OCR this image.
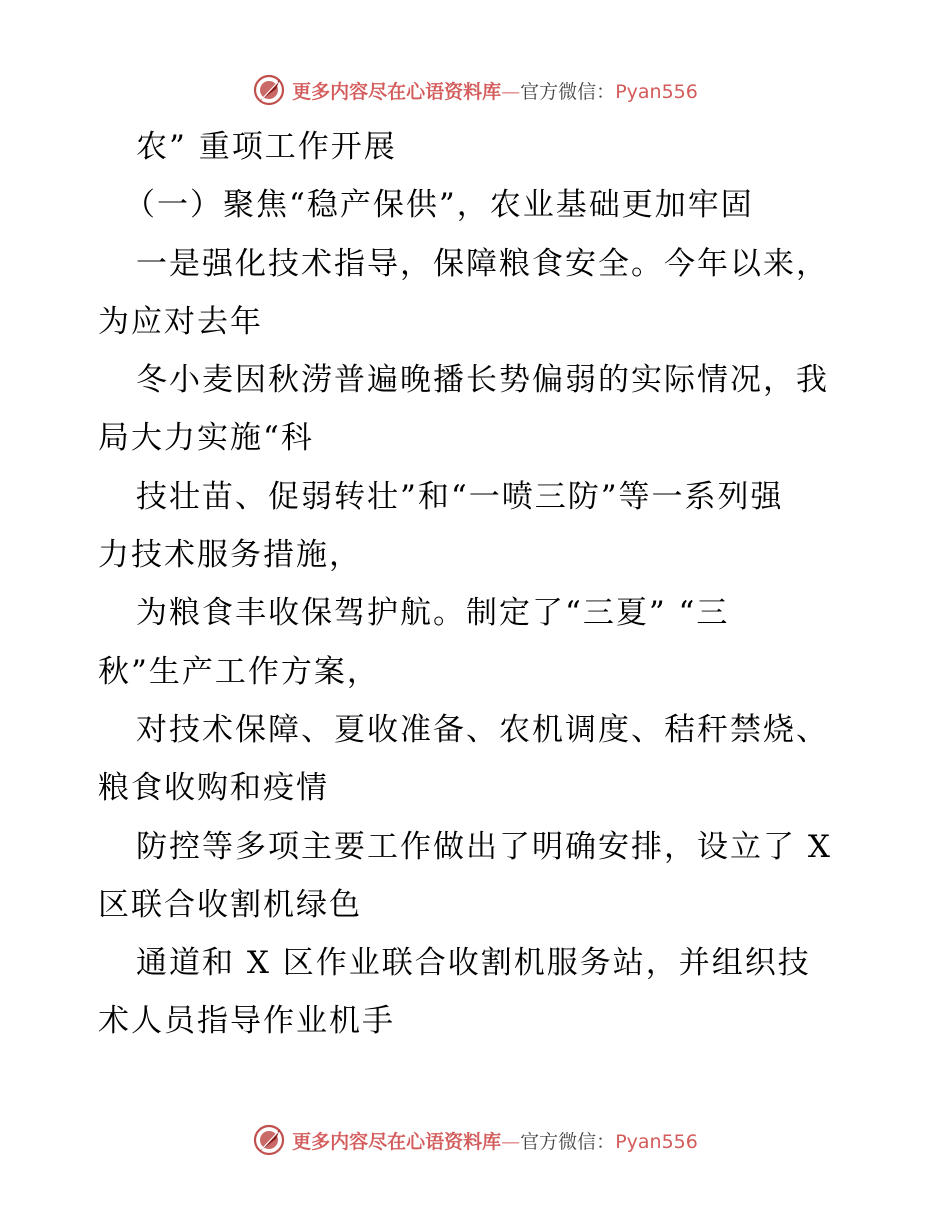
更多内容尽在心语资料库—官方微信：Pyan556
农” 重项工作开展
（一）聚焦“稳产保供”，农业基础更加牢固
一是强化技术指导，保障粮食安全。今年以来，
为应对去年
冬小麦因秋涝普遍晚播长势偏弱的实际情况，我
局大力实施“科
技壮苗、促弱转壮”和“一喷三防”等一系列强
力技术服务措施，
为粮食丰收保驾护航。制定了“三夏” “三
秋”生产工作方案，
对技术保障、夏收准备、农机调度、秸秆禁烧、
粮食收购和疫情
防控等多项主要工作做出了明确安排，设立了 X
区联合收割机绿色
通道和 X 区作业联合收割机服务站，并组织技
术人员指导作业机手
更多内容尽在心语资料库—官方微信：Pyan556
